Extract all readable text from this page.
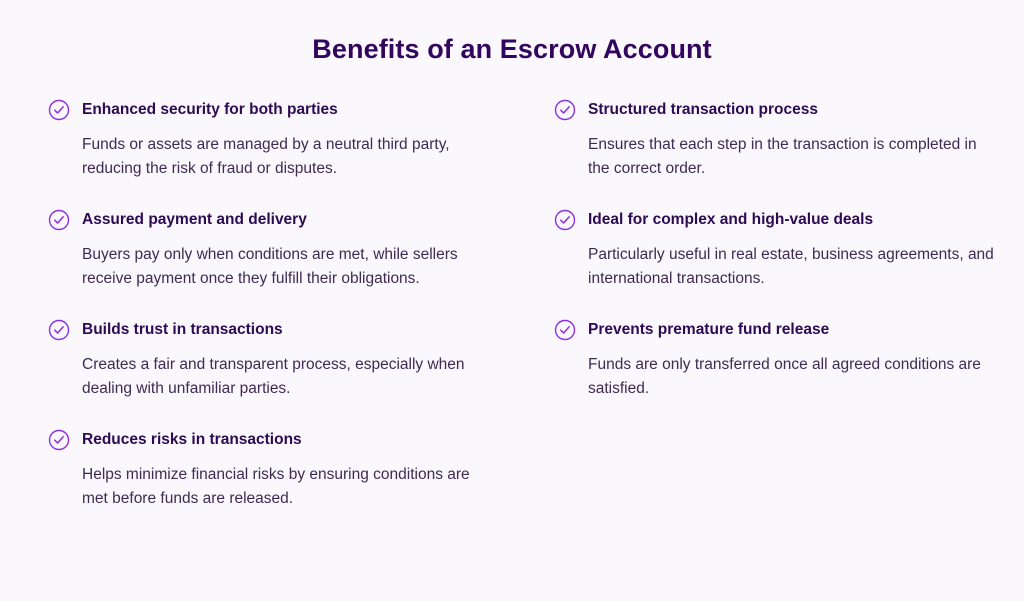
Benefits of an Escrow Account
Enhanced security for both parties
Funds or assets are managed by a neutral third party, reducing the risk of fraud or disputes.
Assured payment and delivery
Buyers pay only when conditions are met, while sellers receive payment once they fulfill their obligations.
Builds trust in transactions
Creates a fair and transparent process, especially when dealing with unfamiliar parties.
Reduces risks in transactions
Helps minimize financial risks by ensuring conditions are met before funds are released.
Structured transaction process
Ensures that each step in the transaction is completed in the correct order.
Ideal for complex and high-value deals
Particularly useful in real estate, business agreements, and international transactions.
Prevents premature fund release
Funds are only transferred once all agreed conditions are satisfied.
